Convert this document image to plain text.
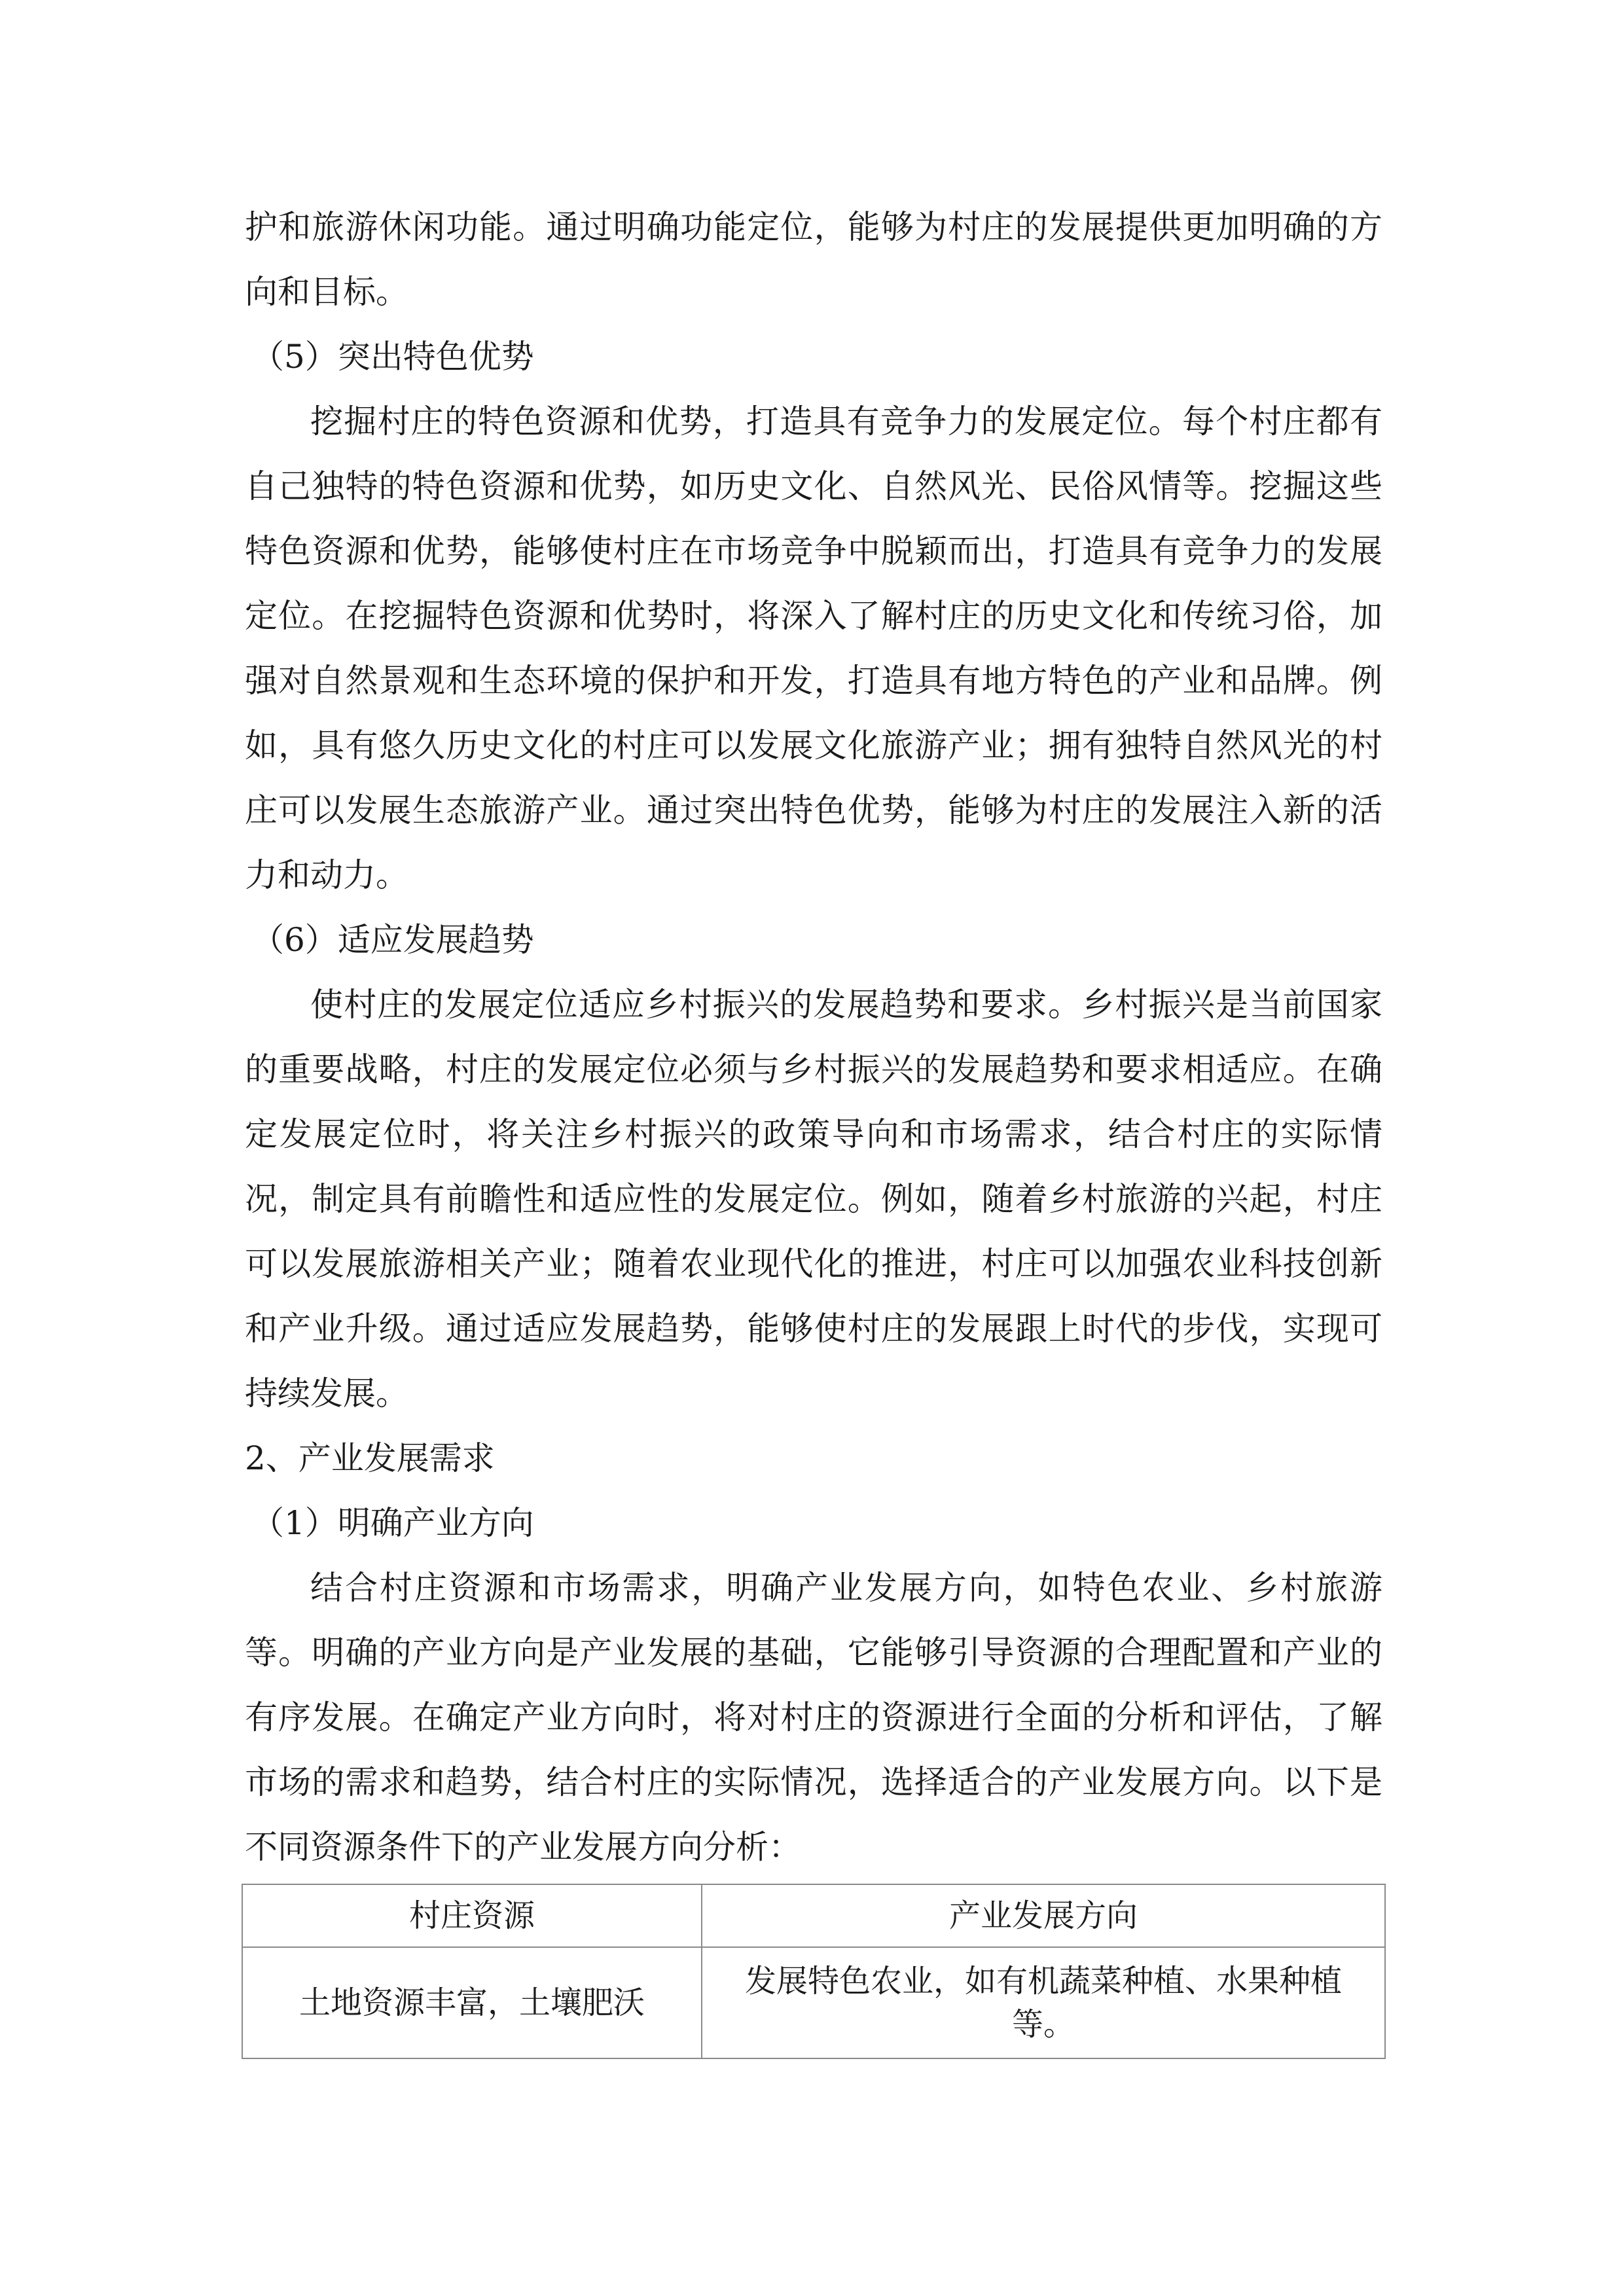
护和旅游休闲功能。通过明确功能定位，能够为村庄的发展提供更加明确的方向和目标。

（5）突出特色优势

挖掘村庄的特色资源和优势，打造具有竞争力的发展定位。每个村庄都有自己独特的特色资源和优势，如历史文化、自然风光、民俗风情等。挖掘这些特色资源和优势，能够使村庄在市场竞争中脱颖而出，打造具有竞争力的发展定位。在挖掘特色资源和优势时，将深入了解村庄的历史文化和传统习俗，加强对自然景观和生态环境的保护和开发，打造具有地方特色的产业和品牌。例如，具有悠久历史文化的村庄可以发展文化旅游产业；拥有独特自然风光的村庄可以发展生态旅游产业。通过突出特色优势，能够为村庄的发展注入新的活力和动力。

（6）适应发展趋势

使村庄的发展定位适应乡村振兴的发展趋势和要求。乡村振兴是当前国家的重要战略，村庄的发展定位必须与乡村振兴的发展趋势和要求相适应。在确定发展定位时，将关注乡村振兴的政策导向和市场需求，结合村庄的实际情况，制定具有前瞻性和适应性的发展定位。例如，随着乡村旅游的兴起，村庄可以发展旅游相关产业；随着农业现代化的推进，村庄可以加强农业科技创新和产业升级。通过适应发展趋势，能够使村庄的发展跟上时代的步伐，实现可持续发展。

2、产业发展需求

（1）明确产业方向

结合村庄资源和市场需求，明确产业发展方向，如特色农业、乡村旅游等。明确的产业方向是产业发展的基础，它能够引导资源的合理配置和产业的有序发展。在确定产业方向时，将对村庄的资源进行全面的分析和评估，了解市场的需求和趋势，结合村庄的实际情况，选择适合的产业发展方向。以下是不同资源条件下的产业发展方向分析：

村庄资源	产业发展方向
土地资源丰富，土壤肥沃	发展特色农业，如有机蔬菜种植、水果种植等。
